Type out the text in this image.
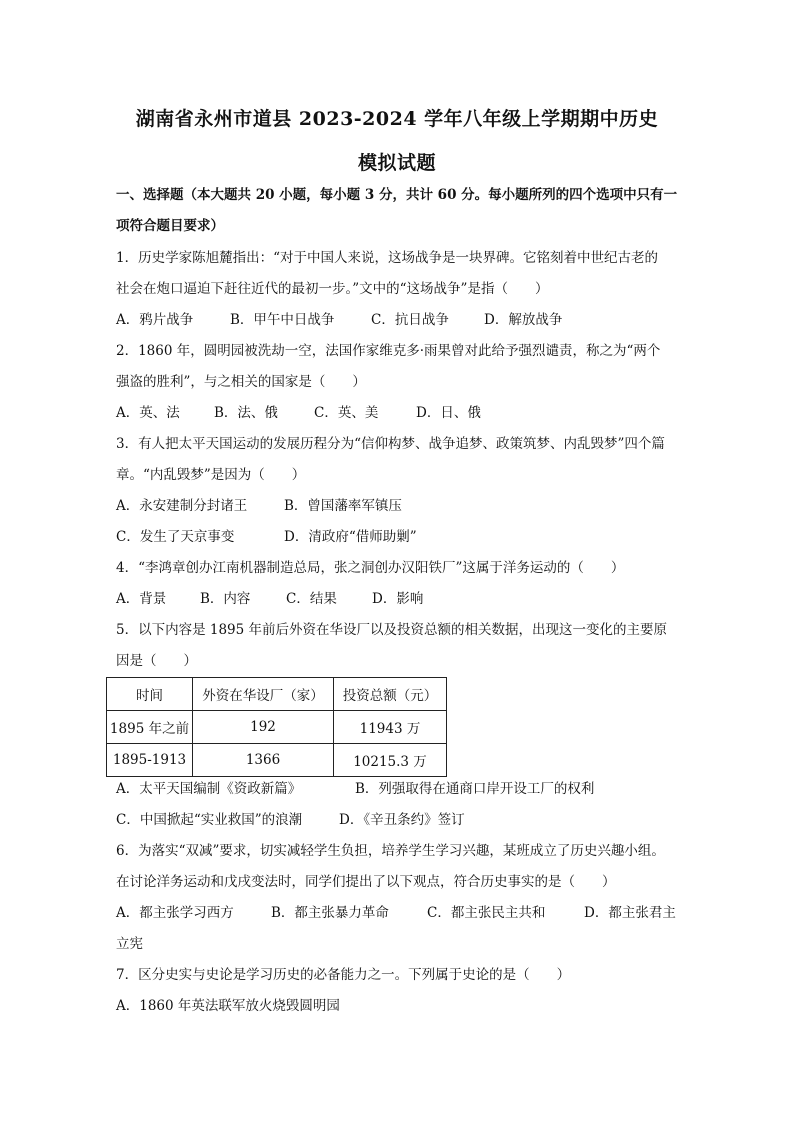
湖南省永州市道县 2023-2024 学年八年级上学期期中历史
模拟试题
一、选择题（本大题共 20 小题，每小题 3 分，共计 60 分。每小题所列的四个选项中只有一
项符合题目要求）
1．历史学家陈旭麓指出：“对于中国人来说，这场战争是一块界碑。它铭刻着中世纪古老的
社会在炮口逼迫下赶往近代的最初一步。”文中的“这场战争”是指（　　）
A．鸦片战争	B．甲午中日战争	C．抗日战争	D．解放战争
2．1860 年，圆明园被洗劫一空，法国作家维克多·雨果曾对此给予强烈谴责，称之为“两个
强盗的胜利”，与之相关的国家是（　　）
A．英、法	B．法、俄	C．英、美	D．日、俄
3．有人把太平天国运动的发展历程分为“信仰构梦、战争追梦、政策筑梦、内乱毁梦”四个篇
章。“内乱毁梦”是因为（　　）
A．永安建制分封诸王	B．曾国藩率军镇压
C．发生了天京事变	D．清政府“借师助剿”
4．“李鸿章创办江南机器制造总局，张之洞创办汉阳铁厂”这属于洋务运动的（　　）
A．背景	B．内容	C．结果	D．影响
5．以下内容是 1895 年前后外资在华设厂以及投资总额的相关数据，出现这一变化的主要原
因是（　　）
时间	外资在华设厂（家）	投资总额（元）
1895 年之前	192	11943 万
1895-1913	1366	10215.3 万
A．太平天国编制《资政新篇》	B．列强取得在通商口岸开设工厂的权利
C．中国掀起“实业救国”的浪潮	D．《辛丑条约》签订
6．为落实“双减”要求，切实减轻学生负担，培养学生学习兴趣，某班成立了历史兴趣小组。
在讨论洋务运动和戊戌变法时，同学们提出了以下观点，符合历史事实的是（　　）
A．都主张学习西方	B．都主张暴力革命	C．都主张民主共和	D．都主张君主
立宪
7．区分史实与史论是学习历史的必备能力之一。下列属于史论的是（　　）
A．1860 年英法联军放火烧毁圆明园
